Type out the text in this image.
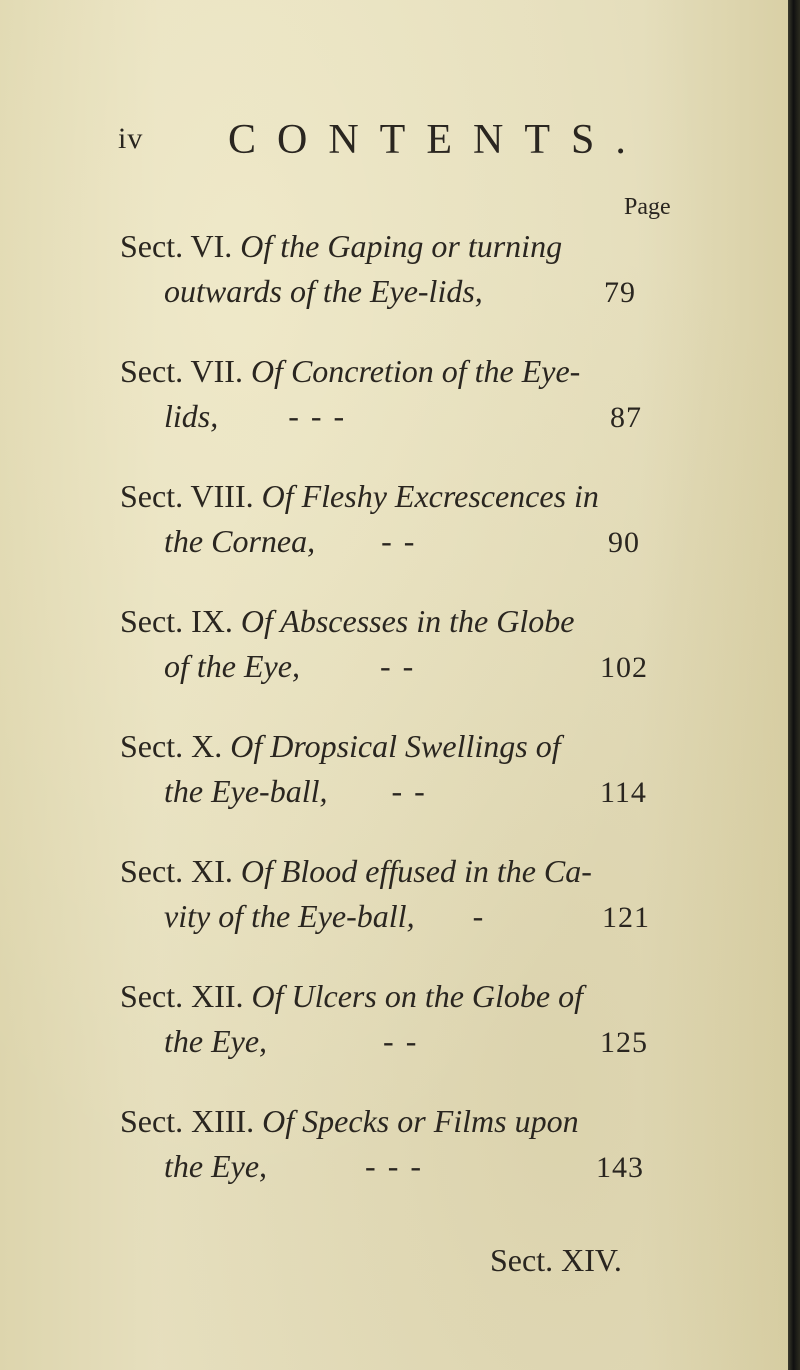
iv CONTENTS.
Page
Sect. VI. Of the Gaping or turning
outwards of the Eye-lids,	79
Sect. VII. Of Concretion of the Eye-
lids, - - -	87
Sect. VIII. Of Fleshy Excrescences in
the Cornea, - -	90
Sect. IX. Of Abscesses in the Globe
of the Eye,	- -	102
Sect. X. Of Dropsical Swellings of
the Eye-ball, - -	114
Sect. XI. Of Blood effused in the Ca-
vity of the Eye-ball, -	121
Sect. XII. Of Ulcers on the Globe of
the Eye,	- -	125
Sect. XIII. Of Specks or Films upon
the Eye,	- - -	143
Sect. XIV.
